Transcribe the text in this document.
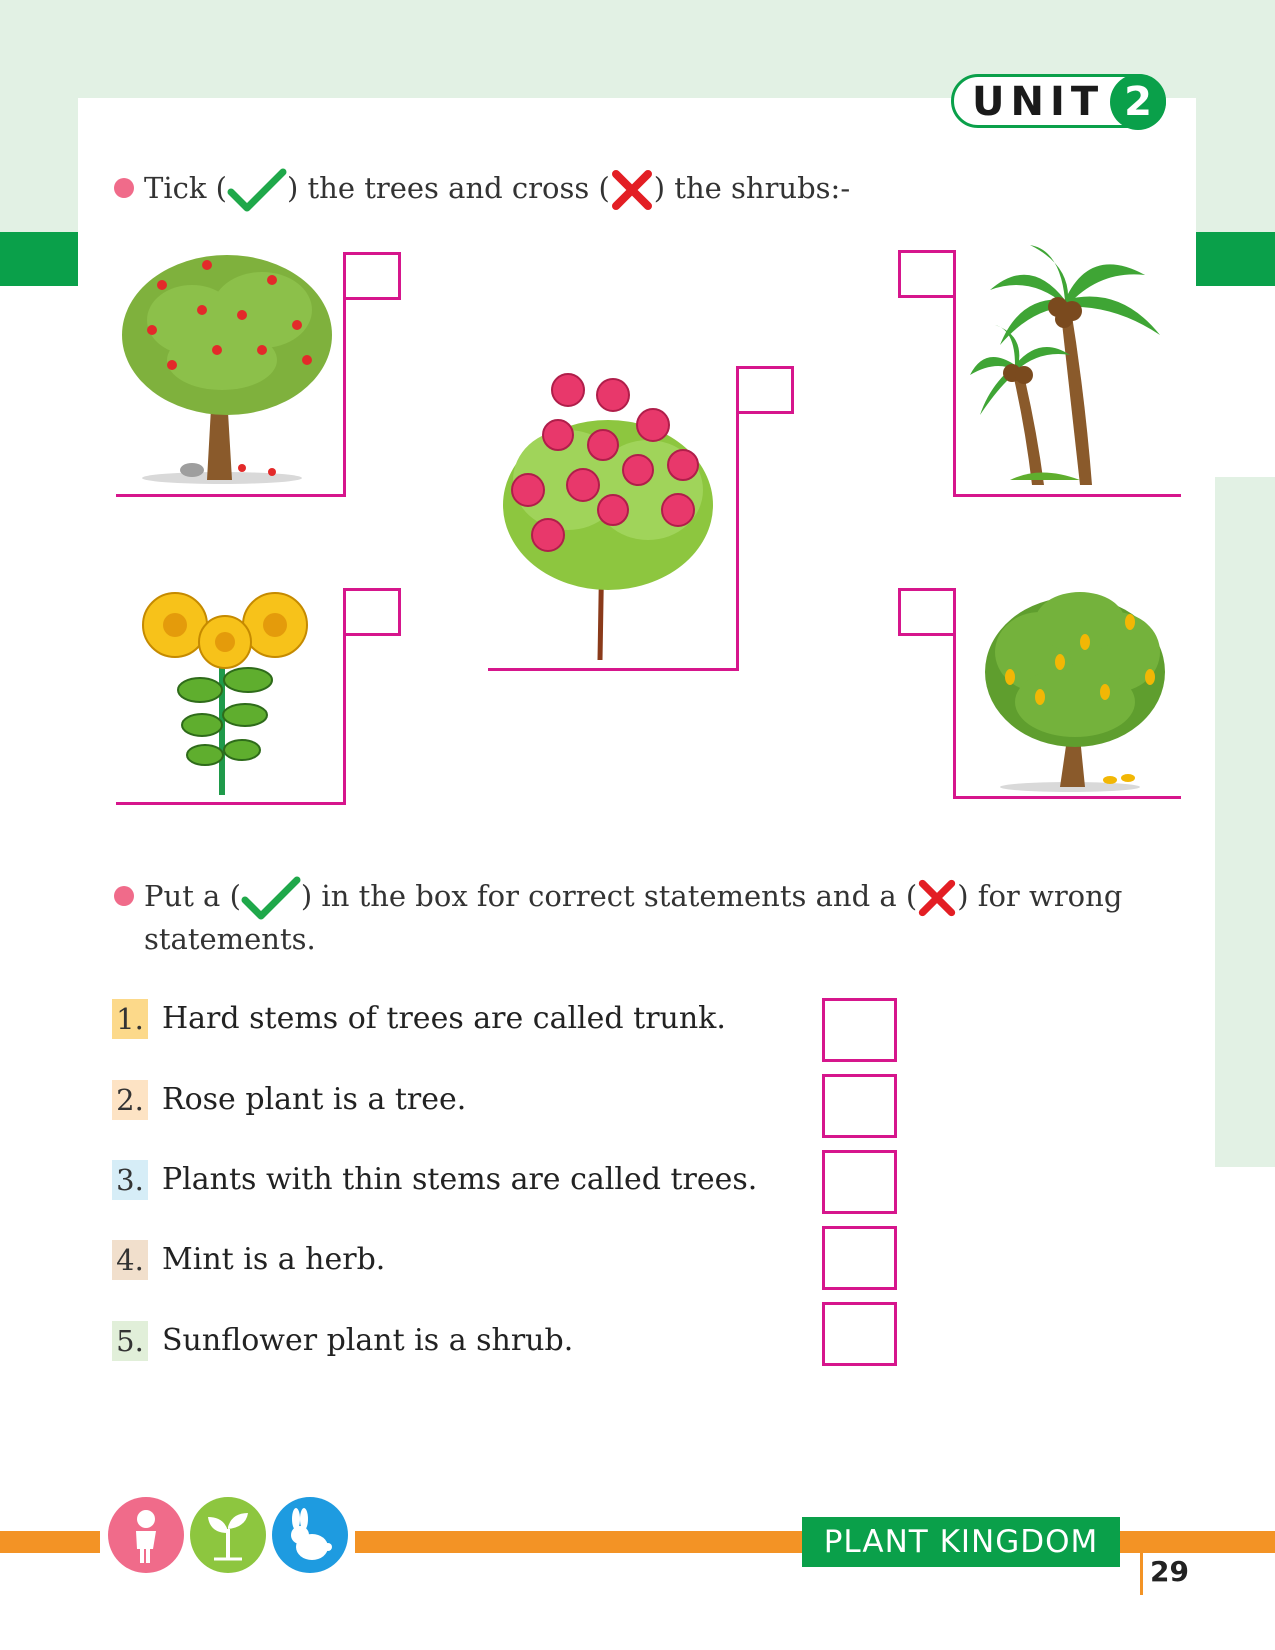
UNIT 2
Tick ( ) the trees and cross ( ) the shrubs:-
Put a ( ) in the box for correct statements and a ( ) for wrong
statements.
1. Hard stems of trees are called trunk.
2. Rose plant is a tree.
3. Plants with thin stems are called trees.
4. Mint is a herb.
5. Sunflower plant is a shrub.
PLANT KINGDOM
29
